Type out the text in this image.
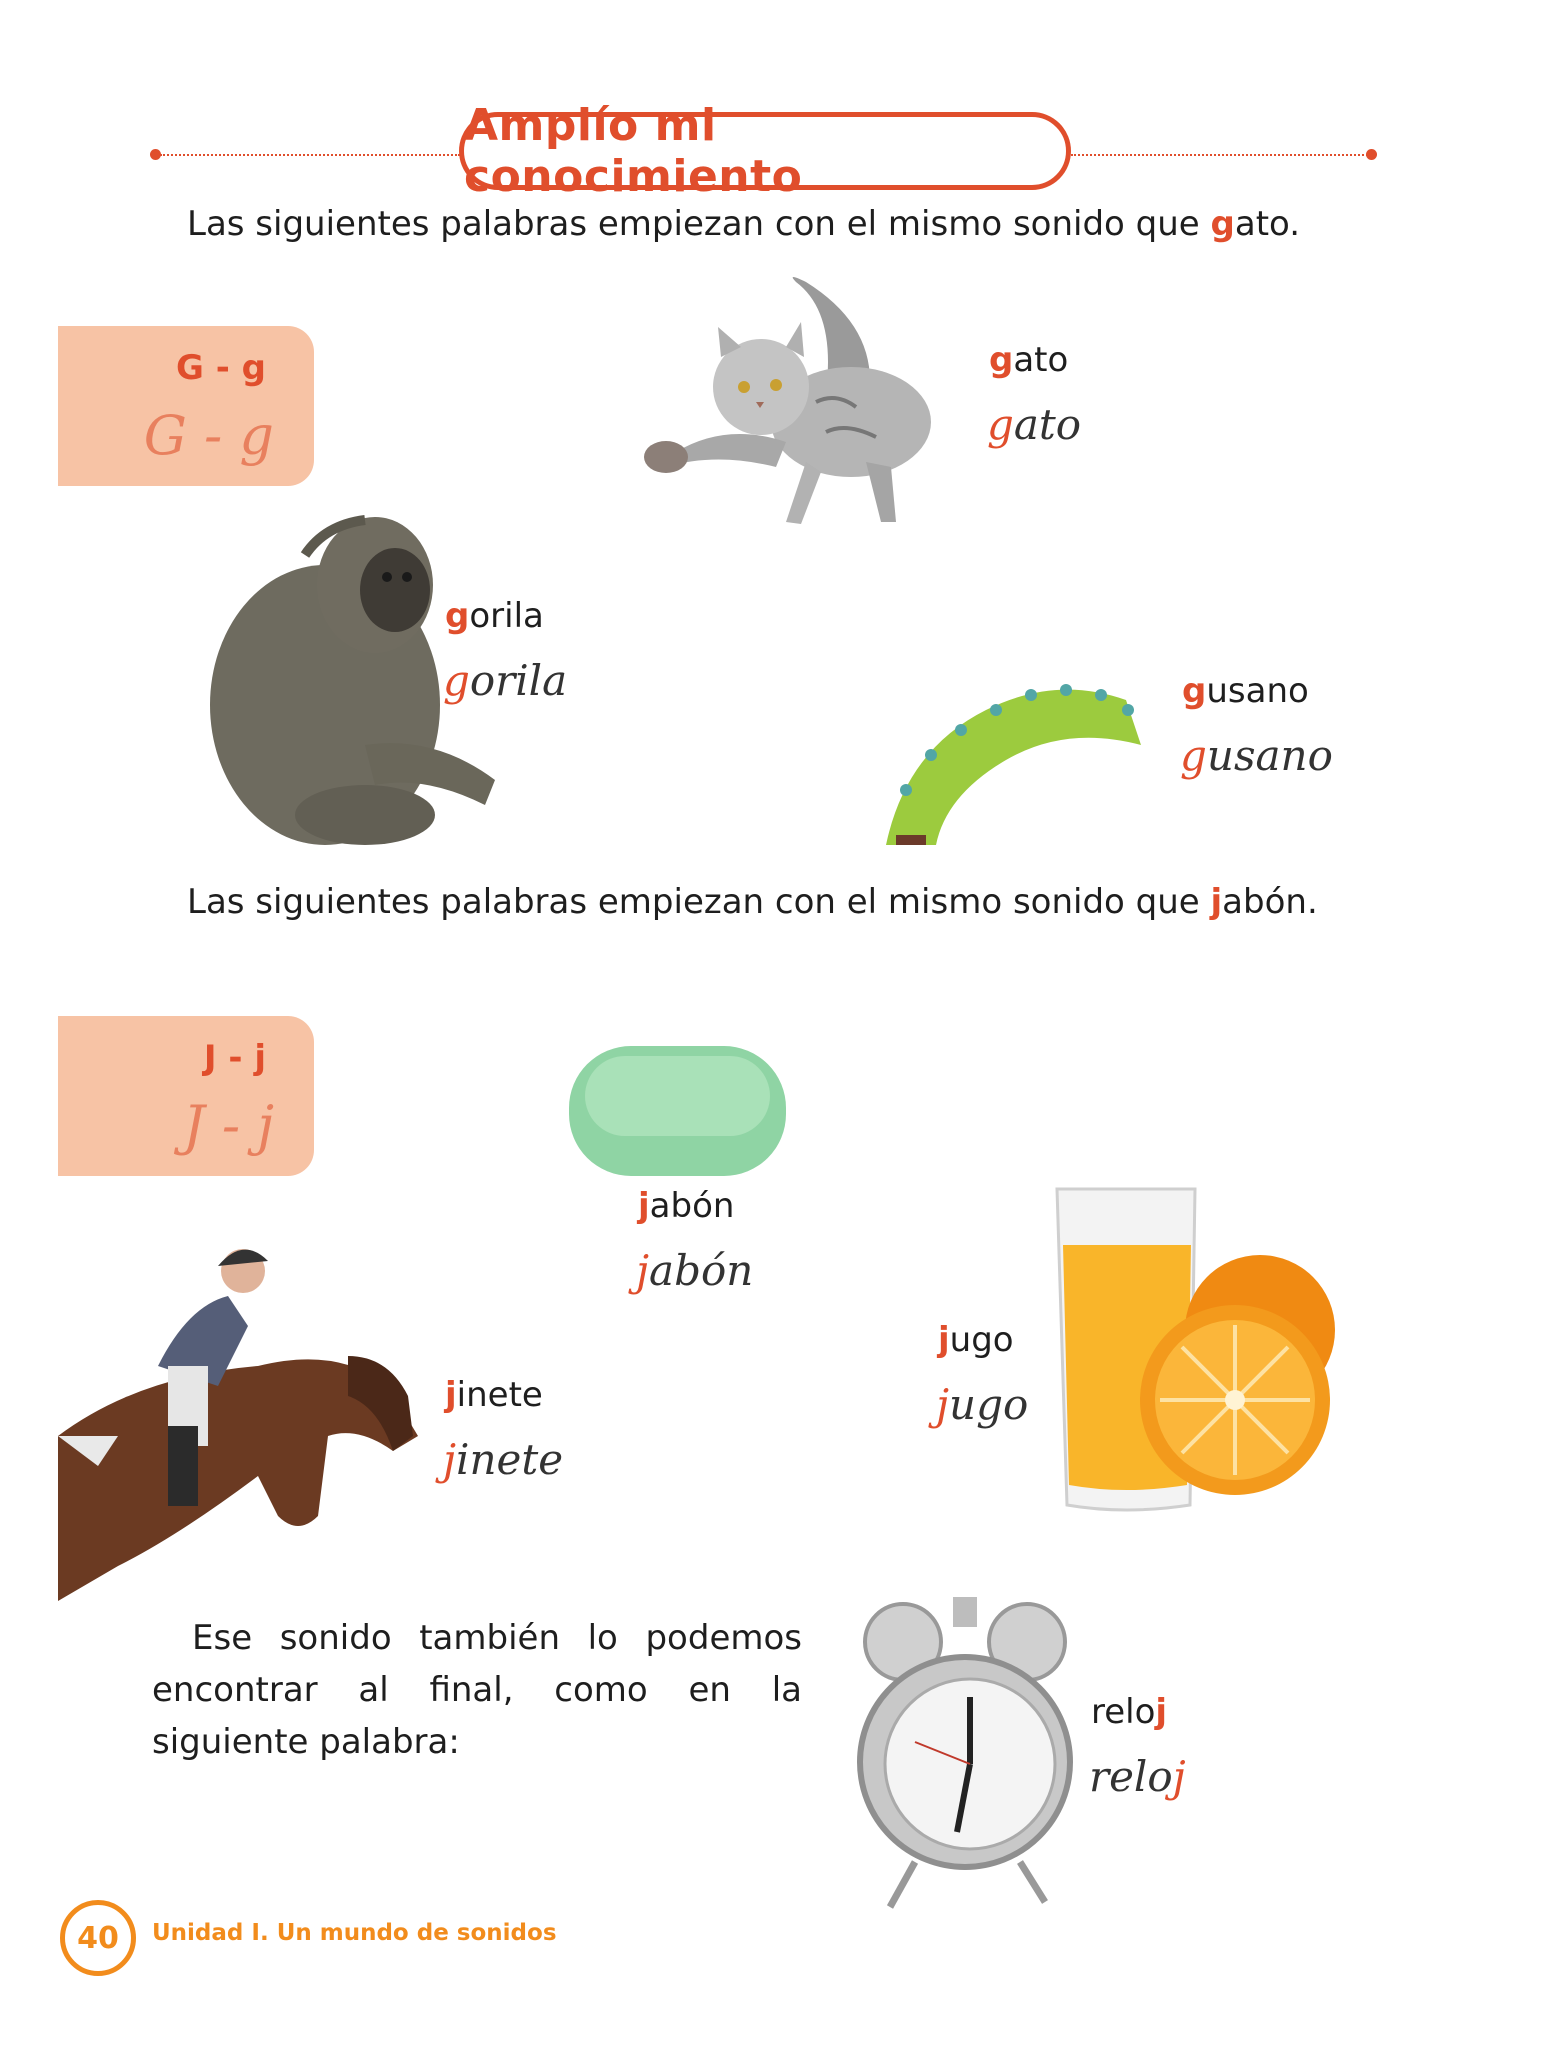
Amplío mi conocimiento
Las siguientes palabras empiezan con el mismo sonido que gato.
G - g
G - g
gato
gato
gorila
gorila	gusano
gusano
Las siguientes palabras empiezan con el mismo sonido que jabón.
J - j
J - j
jabón
jabón
jinete
jinete
jugo
jugo
Ese sonido también lo podemos encontrar al final, como en la siguiente palabra:
reloj
reloj
40 Unidad I. Un mundo de sonidos
